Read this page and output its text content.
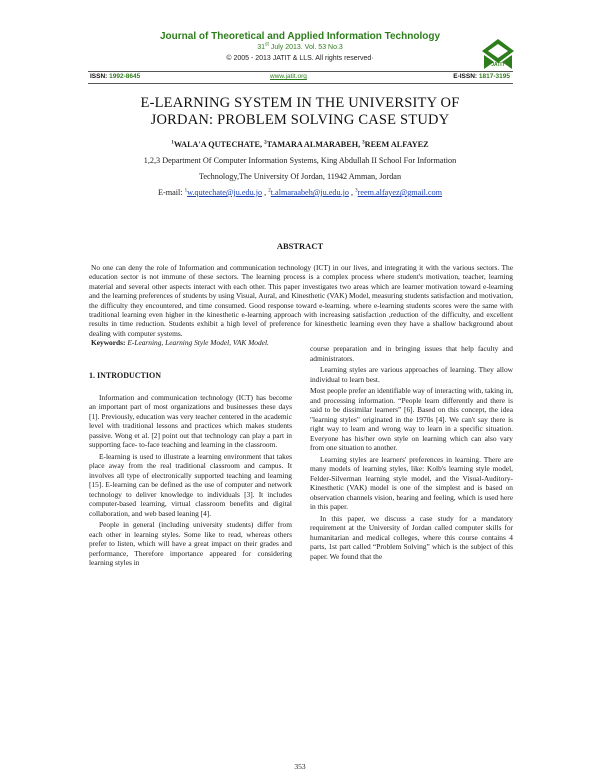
Journal of Theoretical and Applied Information Technology
31st July 2013. Vol. 53 No.3
© 2005 - 2013 JATIT & LLS. All rights reserved·
JATIT
ISSN: 1992-8645	www.jatit.org	E-ISSN: 1817-3195
E-LEARNING SYSTEM IN THE UNIVERSITY OF
JORDAN: PROBLEM SOLVING CASE STUDY
$^1$WALA'A QUTECHATE, $^2$TAMARA ALMARABEH, $^3$REEM ALFAYEZ
1,2,3 Department Of Computer Information Systems, King Abdullah II School For Information
Technology,The University Of Jordan, 11942 Amman, Jordan
E-mail: $^1$w.qutechate@ju.edu.jo , $^2$t.almaraabeh@ju.edu.jo , $^3$reem.alfayez@gmail.com
ABSTRACT

No one can deny the role of Information and communication technology (ICT) in our lives, and integrating it with the various sectors. The education sector is not immune of these sectors. The learning process is a complex process where student's motivation, teacher, learning material and several other aspects interact with each other. This paper investigates two areas which are learner motivation toward e-learning and the learning preferences of students by using Visual, Aural, and Kinesthetic (VAK) Model, measuring students satisfaction and motivation, the difficulty they encountered, and time consumed. Good response toward e-learning, where e-learning students scores were the same with traditional learning even higher in the kinesthetic e-learning approach with increasing satisfaction ,reduction of the difficulty, and excellent results in time reduction. Students exhibit a high level of preference for kinesthetic learning even they have a shallow background about dealing with computer systems.

Keywords: E-Learning, Learning Style Model, VAK Model.

1. INTRODUCTION

Information and communication technology (ICT) has become an important part of most organizations and businesses these days [1]. Previously, education was very teacher centered in the academic level with traditional lessons and practices which makes students passive. Wong et al. [2] point out that technology can play a part in supporting face- to-face teaching and learning in the classroom.

E-learning is used to illustrate a learning environment that takes place away from the real traditional classroom and campus. It involves all type of electronically supported teaching and learning [15]. E-learning can be defined as the use of computer and network technology to deliver knowledge to individuals [3]. It includes computer-based learning, virtual classroom benefits and digital collaboration, and web based leaning [4].

People in general (including university students) differ from each other in learning styles. Some like to read, whereas others prefer to listen, which will have a great impact on their grades and performance, Therefore importance appeared for considering learning styles in

course preparation and in bringing issues that help faculty and administrators.

Learning styles are various approaches of learning. They allow individual to learn best.

Most people prefer an identifiable way of interacting with, taking in, and processing information. “People learn differently and there is said to be dissimilar learners” [6]. Based on this concept, the idea "learning styles" originated in the 1970s [4]. We can't say there is right way to learn and wrong way to learn in a specific situation. Everyone has his/her own style on learning which can also vary from one situation to another.

Learning styles are learners' preferences in learning. There are many models of learning styles, like: Kolb's learning style model, Felder-Silverman learning style model, and the Visual-Auditory-Kinesthetic (VAK) model is one of the simplest and is based on observation channels vision, hearing and feeling, which is used here in this paper.

In this paper, we discuss a case study for a mandatory requirement at the University of Jordan called computer skills for humanitarian and medical colleges, where this course contains 4 parts, 1st part called “Problem Solving” which is the subject of this paper. We found that the

353
